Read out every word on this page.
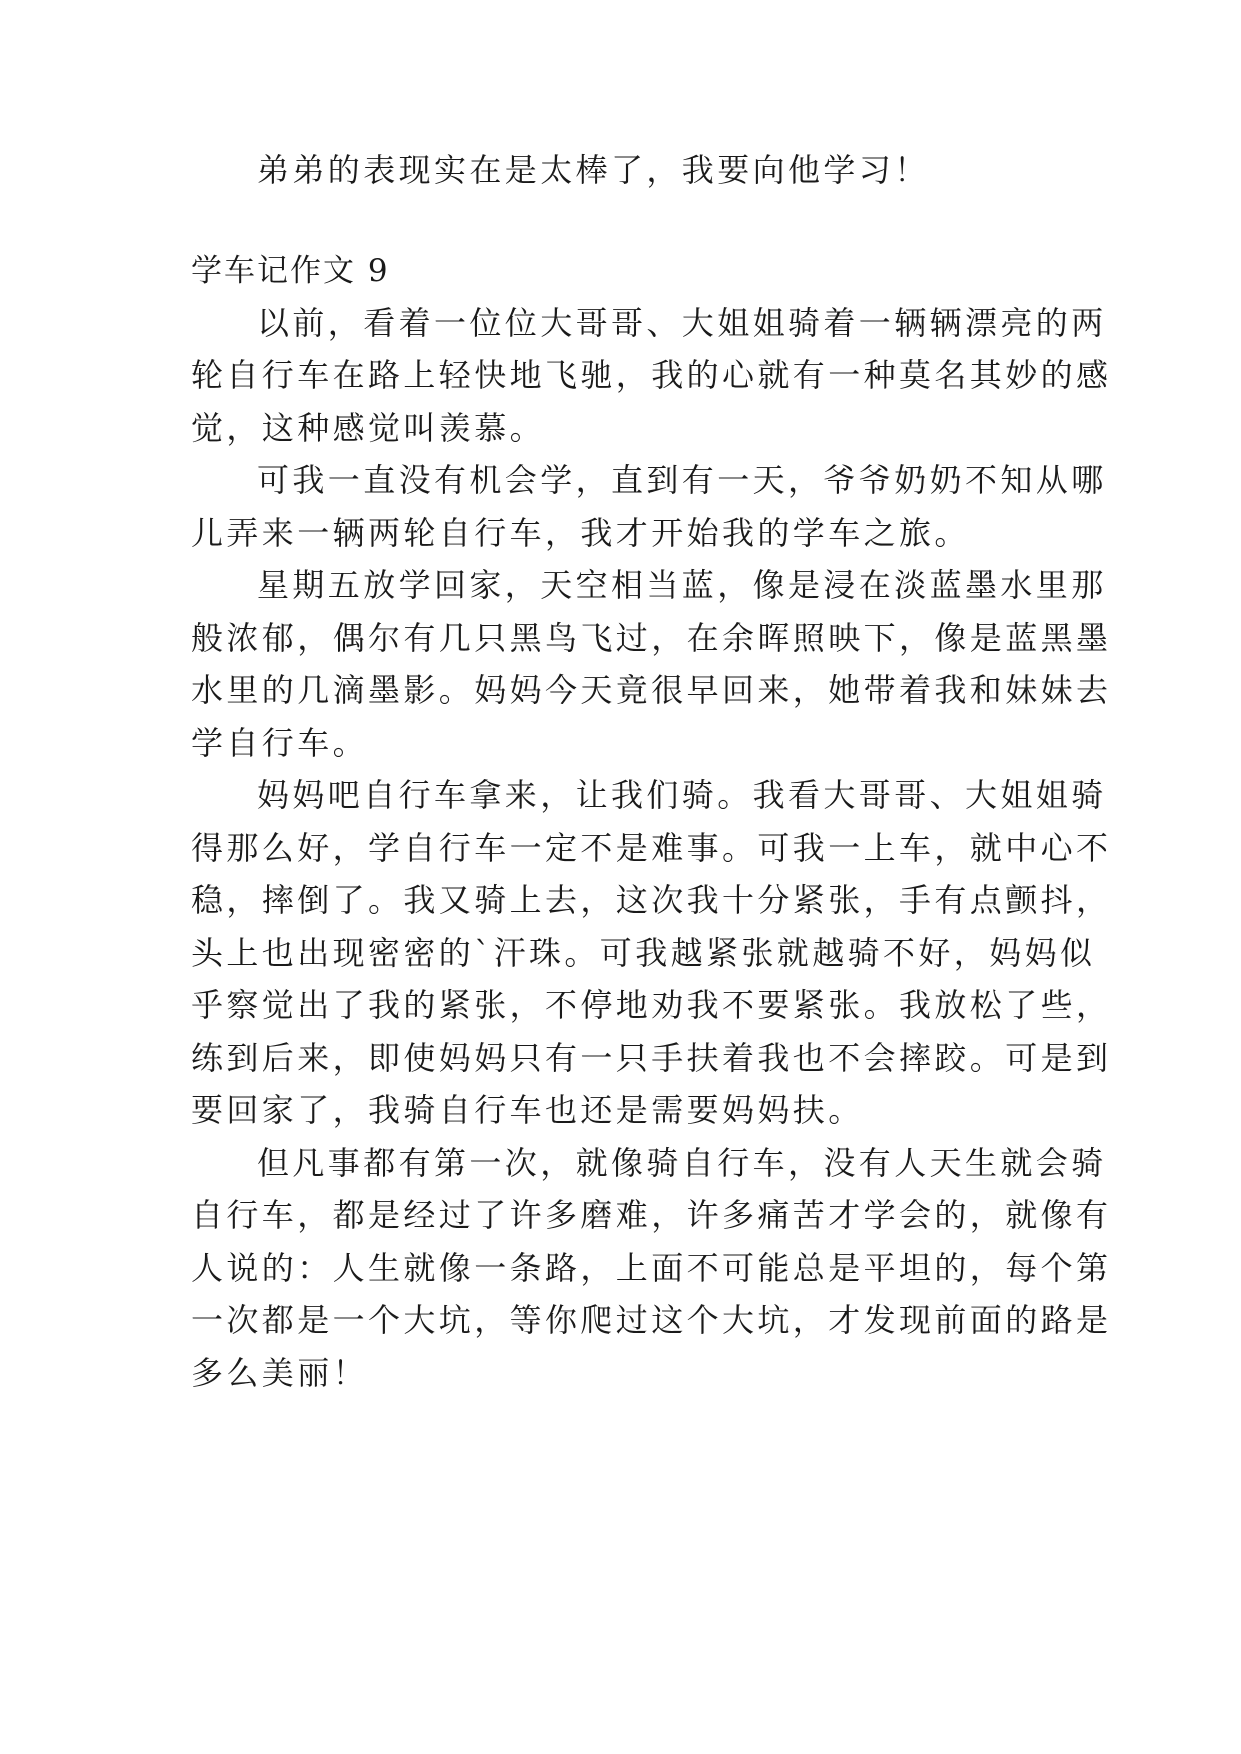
弟弟的表现实在是太棒了，我要向他学习！
学车记作文 9
以前，看着一位位大哥哥、大姐姐骑着一辆辆漂亮的两
轮自行车在路上轻快地飞驰，我的心就有一种莫名其妙的感
觉，这种感觉叫羡慕。
可我一直没有机会学，直到有一天，爷爷奶奶不知从哪
儿弄来一辆两轮自行车，我才开始我的学车之旅。
星期五放学回家，天空相当蓝，像是浸在淡蓝墨水里那
般浓郁，偶尔有几只黑鸟飞过，在余晖照映下，像是蓝黑墨
水里的几滴墨影。妈妈今天竟很早回来，她带着我和妹妹去
学自行车。
妈妈吧自行车拿来，让我们骑。我看大哥哥、大姐姐骑
得那么好，学自行车一定不是难事。可我一上车，就中心不
稳，摔倒了。我又骑上去，这次我十分紧张，手有点颤抖，
头上也出现密密的`汗珠。可我越紧张就越骑不好，妈妈似
乎察觉出了我的紧张，不停地劝我不要紧张。我放松了些，
练到后来，即使妈妈只有一只手扶着我也不会摔跤。可是到
要回家了，我骑自行车也还是需要妈妈扶。
但凡事都有第一次，就像骑自行车，没有人天生就会骑
自行车，都是经过了许多磨难，许多痛苦才学会的，就像有
人说的：人生就像一条路，上面不可能总是平坦的，每个第
一次都是一个大坑，等你爬过这个大坑，才发现前面的路是
多么美丽！
